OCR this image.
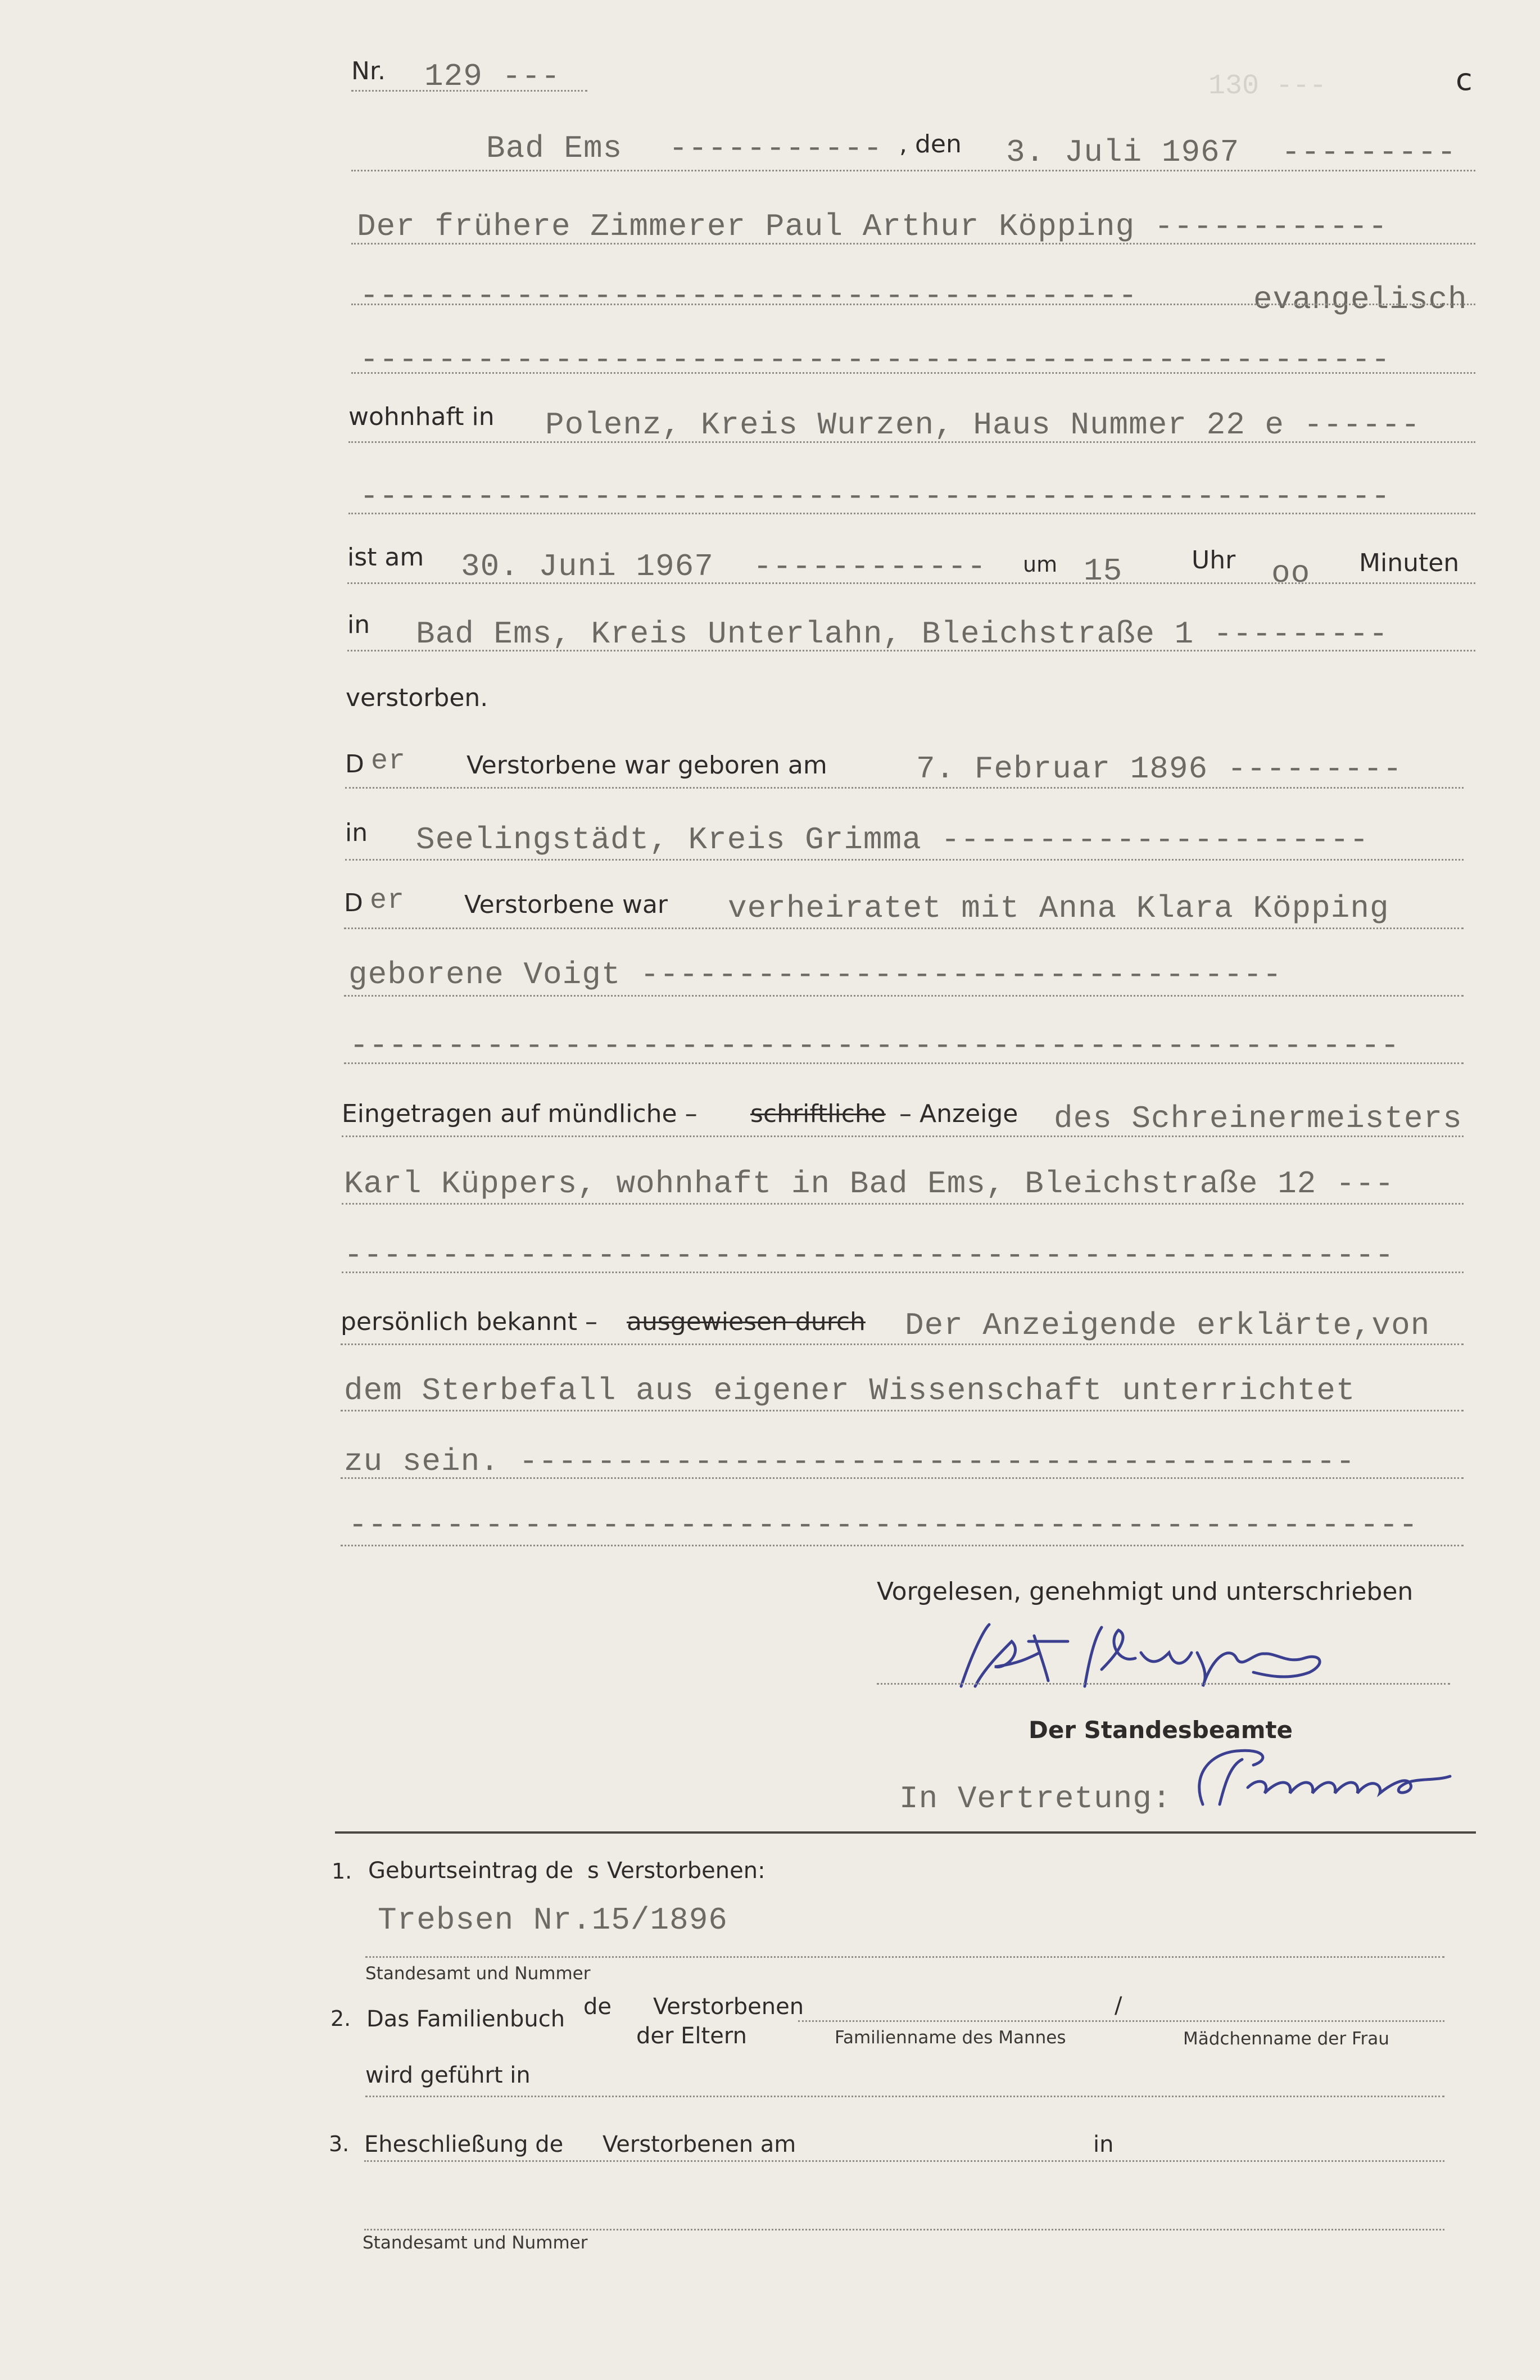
130 ---
Nr. 129 ---	c
Bad Ems ----------- , den 3. Juli 1967 ---------
Der frühere Zimmerer Paul Arthur Köpping ------------
----------------------------------------	evangelisch
-----------------------------------------------------
wohnhaft in Polenz, Kreis Wurzen, Haus Nummer 22 e ------
-----------------------------------------------------
ist am 30. Juni 1967 ------------ um 15	Uhr oo Minuten
in Bad Ems, Kreis Unterlahn, Bleichstraße 1 ---------
verstorben.
D er Verstorbene war geboren am	7. Februar 1896 ---------
in Seelingstädt, Kreis Grimma ----------------------
D er Verstorbene war verheiratet mit Anna Klara Köpping
geborene Voigt ---------------------------------
------------------------------------------------------
Eingetragen auf mündliche – schriftliche – Anzeige des Schreinermeisters
Karl Küppers, wohnhaft in Bad Ems, Bleichstraße 12 ---
------------------------------------------------------
persönlich bekannt – ausgewiesen durch Der Anzeigende erklärte,von
dem Sterbefall aus eigener Wissenschaft unterrichtet
zu sein. -------------------------------------------
-------------------------------------------------------
Vorgelesen, genehmigt und unterschrieben
Der Standesbeamte
In Vertretung:
1. Geburtseintrag de s Verstorbenen:
Trebsen Nr.15/1896
Standesamt und Nummer
2. Das Familienbuch de Verstorbenen
der Eltern
/
Familienname des Mannes	Mädchenname der Frau
wird geführt in
3. Eheschließung de Verstorbenen am	in
Standesamt und Nummer
